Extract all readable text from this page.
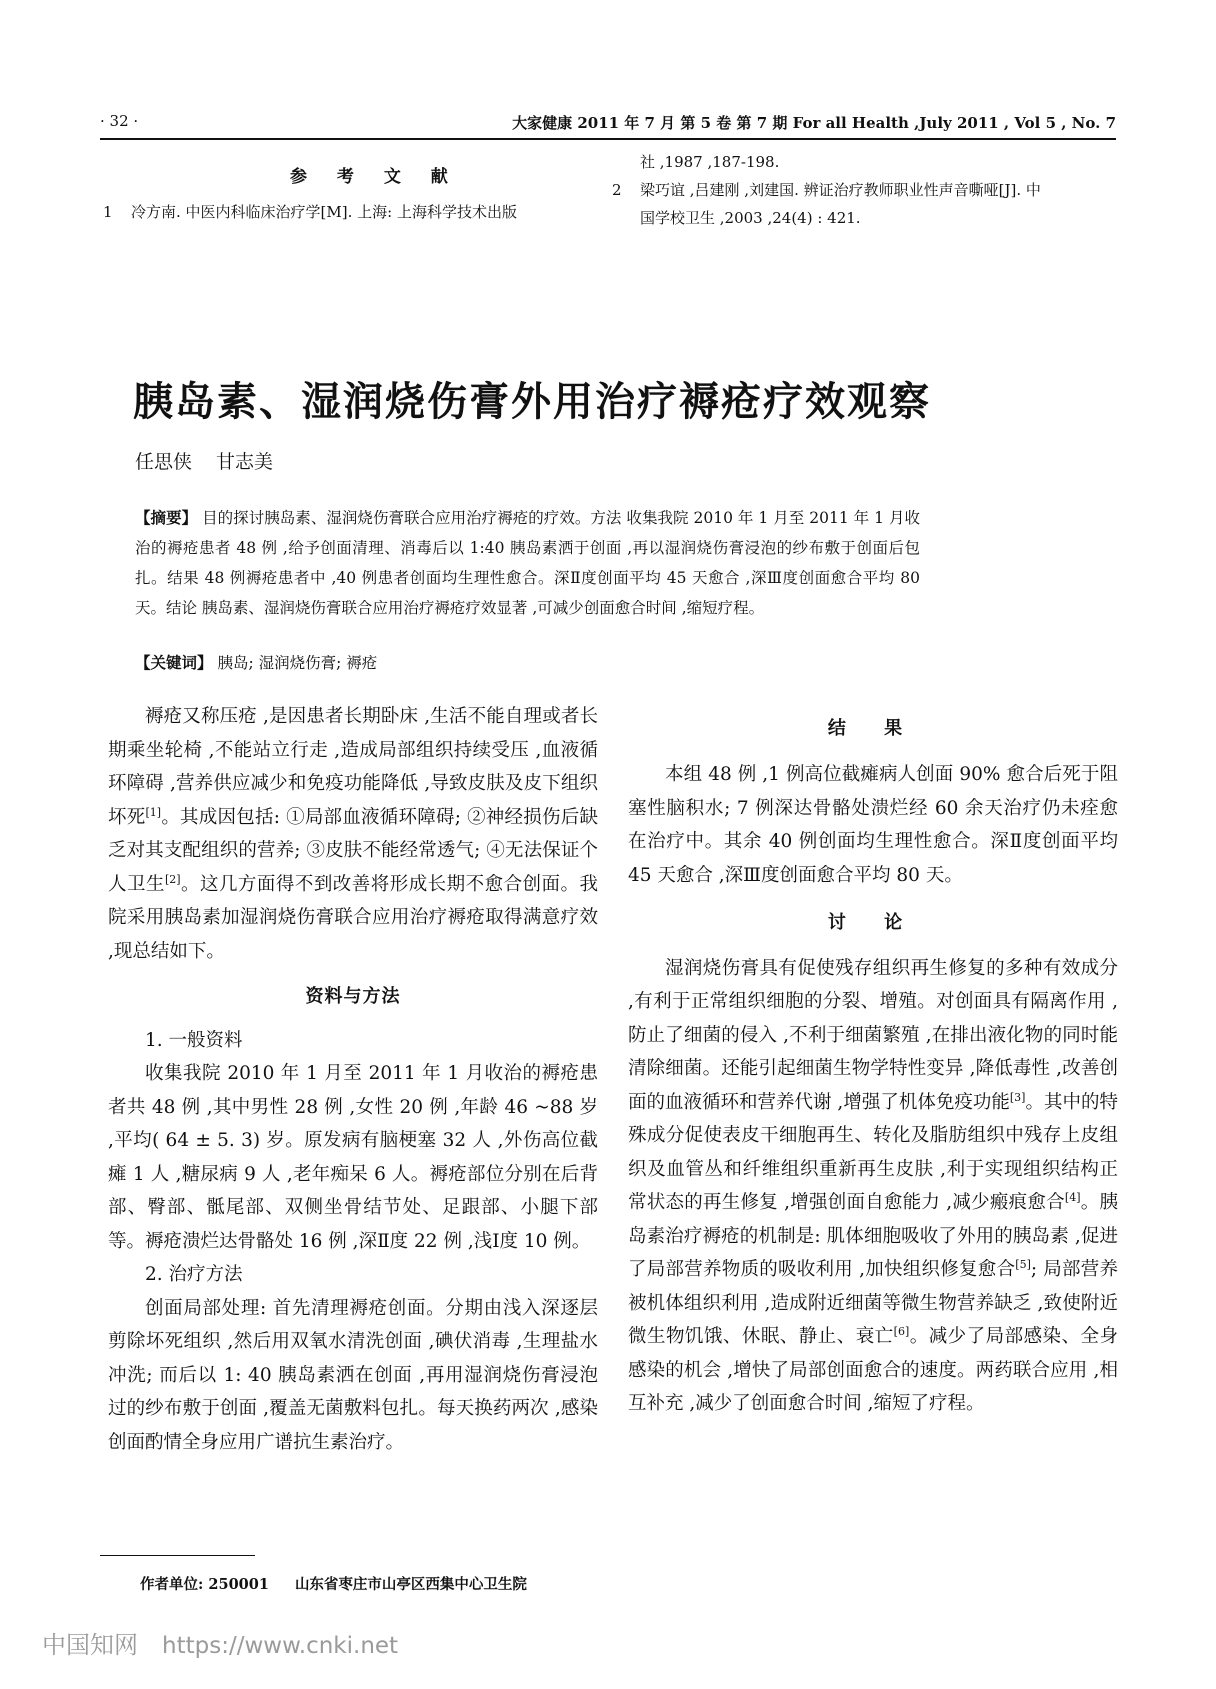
· 32 ·	大家健康 2011 年 7 月 第 5 卷 第 7 期 For all Health ,July 2011 , Vol 5 , No. 7
参 考 文 献
1 冷方南. 中医内科临床治疗学[M]. 上海: 上海科学技术出版
社 ,1987 ,187-198.
2 梁巧谊 ,吕建刚 ,刘建国. 辨证治疗教师职业性声音嘶哑[J]. 中
国学校卫生 ,2003 ,24(4) : 421.
胰岛素、湿润烧伤膏外用治疗褥疮疗效观察
任思侠 甘志美
【摘要】 目的探讨胰岛素、湿润烧伤膏联合应用治疗褥疮的疗效。方法 收集我院 2010 年 1 月至 2011 年 1 月收治的褥疮患者 48 例 ,给予创面清理、消毒后以 1:40 胰岛素洒于创面 ,再以湿润烧伤膏浸泡的纱布敷于创面后包扎。结果 48 例褥疮患者中 ,40 例患者创面均生理性愈合。深Ⅱ度创面平均 45 天愈合 ,深Ⅲ度创面愈合平均 80 天。结论 胰岛素、湿润烧伤膏联合应用治疗褥疮疗效显著 ,可减少创面愈合时间 ,缩短疗程。
【关键词】 胰岛; 湿润烧伤膏; 褥疮

褥疮又称压疮 ,是因患者长期卧床 ,生活不能自理或者长期乘坐轮椅 ,不能站立行走 ,造成局部组织持续受压 ,血液循环障碍 ,营养供应减少和免疫功能降低 ,导致皮肤及皮下组织坏死[1]。其成因包括: ①局部血液循环障碍; ②神经损伤后缺乏对其支配组织的营养; ③皮肤不能经常透气; ④无法保证个人卫生[2]。这几方面得不到改善将形成长期不愈合创面。我院采用胰岛素加湿润烧伤膏联合应用治疗褥疮取得满意疗效 ,现总结如下。

资料与方法
1. 一般资料

收集我院 2010 年 1 月至 2011 年 1 月收治的褥疮患者共 48 例 ,其中男性 28 例 ,女性 20 例 ,年龄 46 ~88 岁 ,平均( 64 ± 5. 3) 岁。原发病有脑梗塞 32 人 ,外伤高位截瘫 1 人 ,糖尿病 9 人 ,老年痴呆 6 人。褥疮部位分别在后背部、臀部、骶尾部、双侧坐骨结节处、足跟部、小腿下部等。褥疮溃烂达骨骼处 16 例 ,深Ⅱ度 22 例 ,浅Ⅰ度 10 例。

2. 治疗方法

创面局部处理: 首先清理褥疮创面。分期由浅入深逐层剪除坏死组织 ,然后用双氧水清洗创面 ,碘伏消毒 ,生理盐水冲洗; 而后以 1: 40 胰岛素洒在创面 ,再用湿润烧伤膏浸泡过的纱布敷于创面 ,覆盖无菌敷料包扎。每天换药两次 ,感染创面酌情全身应用广谱抗生素治疗。

结 果

本组 48 例 ,1 例高位截瘫病人创面 90% 愈合后死于阻塞性脑积水; 7 例深达骨骼处溃烂经 60 余天治疗仍未痊愈在治疗中。其余 40 例创面均生理性愈合。深Ⅱ度创面平均 45 天愈合 ,深Ⅲ度创面愈合平均 80 天。

讨 论

湿润烧伤膏具有促使残存组织再生修复的多种有效成分 ,有利于正常组织细胞的分裂、增殖。对创面具有隔离作用 ,防止了细菌的侵入 ,不利于细菌繁殖 ,在排出液化物的同时能清除细菌。还能引起细菌生物学特性变异 ,降低毒性 ,改善创面的血液循环和营养代谢 ,增强了机体免疫功能[3]。其中的特殊成分促使表皮干细胞再生、转化及脂肪组织中残存上皮组织及血管丛和纤维组织重新再生皮肤 ,利于实现组织结构正常状态的再生修复 ,增强创面自愈能力 ,减少瘢痕愈合[4]。胰岛素治疗褥疮的机制是: 肌体细胞吸收了外用的胰岛素 ,促进了局部营养物质的吸收利用 ,加快组织修复愈合[5]; 局部营养被机体组织利用 ,造成附近细菌等微生物营养缺乏 ,致使附近微生物饥饿、休眠、静止、衰亡[6]。减少了局部感染、全身感染的机会 ,增快了局部创面愈合的速度。两药联合应用 ,相互补充 ,减少了创面愈合时间 ,缩短了疗程。

作者单位: 250001 山东省枣庄市山亭区西集中心卫生院
中国知网 https://www.cnki.net
